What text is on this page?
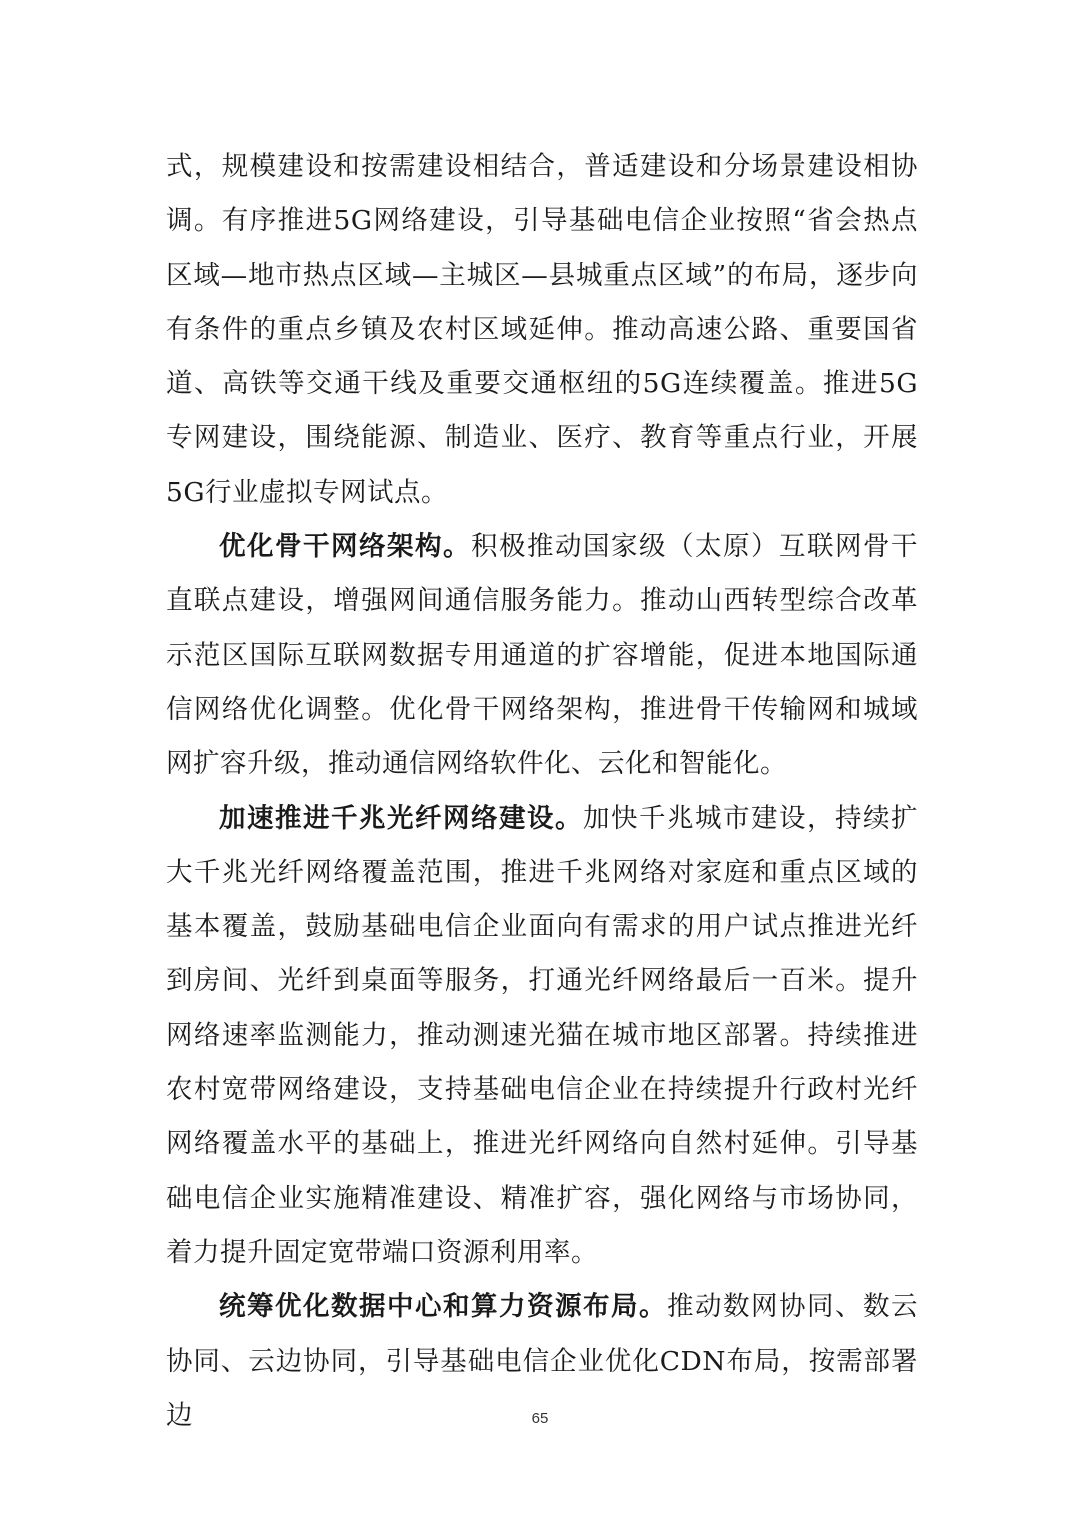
式，规模建设和按需建设相结合，普适建设和分场景建设相协调。有序推进5G网络建设，引导基础电信企业按照“省会热点区域—地市热点区域—主城区—县城重点区域”的布局，逐步向有条件的重点乡镇及农村区域延伸。推动高速公路、重要国省道、高铁等交通干线及重要交通枢纽的5G连续覆盖。推进5G专网建设，围绕能源、制造业、医疗、教育等重点行业，开展5G行业虚拟专网试点。

优化骨干网络架构。积极推动国家级（太原）互联网骨干直联点建设，增强网间通信服务能力。推动山西转型综合改革示范区国际互联网数据专用通道的扩容增能，促进本地国际通信网络优化调整。优化骨干网络架构，推进骨干传输网和城域网扩容升级，推动通信网络软件化、云化和智能化。

加速推进千兆光纤网络建设。加快千兆城市建设，持续扩大千兆光纤网络覆盖范围，推进千兆网络对家庭和重点区域的基本覆盖，鼓励基础电信企业面向有需求的用户试点推进光纤到房间、光纤到桌面等服务，打通光纤网络最后一百米。提升网络速率监测能力，推动测速光猫在城市地区部署。持续推进农村宽带网络建设，支持基础电信企业在持续提升行政村光纤网络覆盖水平的基础上，推进光纤网络向自然村延伸。引导基础电信企业实施精准建设、精准扩容，强化网络与市场协同，着力提升固定宽带端口资源利用率。

统筹优化数据中心和算力资源布局。推动数网协同、数云协同、云边协同，引导基础电信企业优化CDN布局，按需部署边	65
